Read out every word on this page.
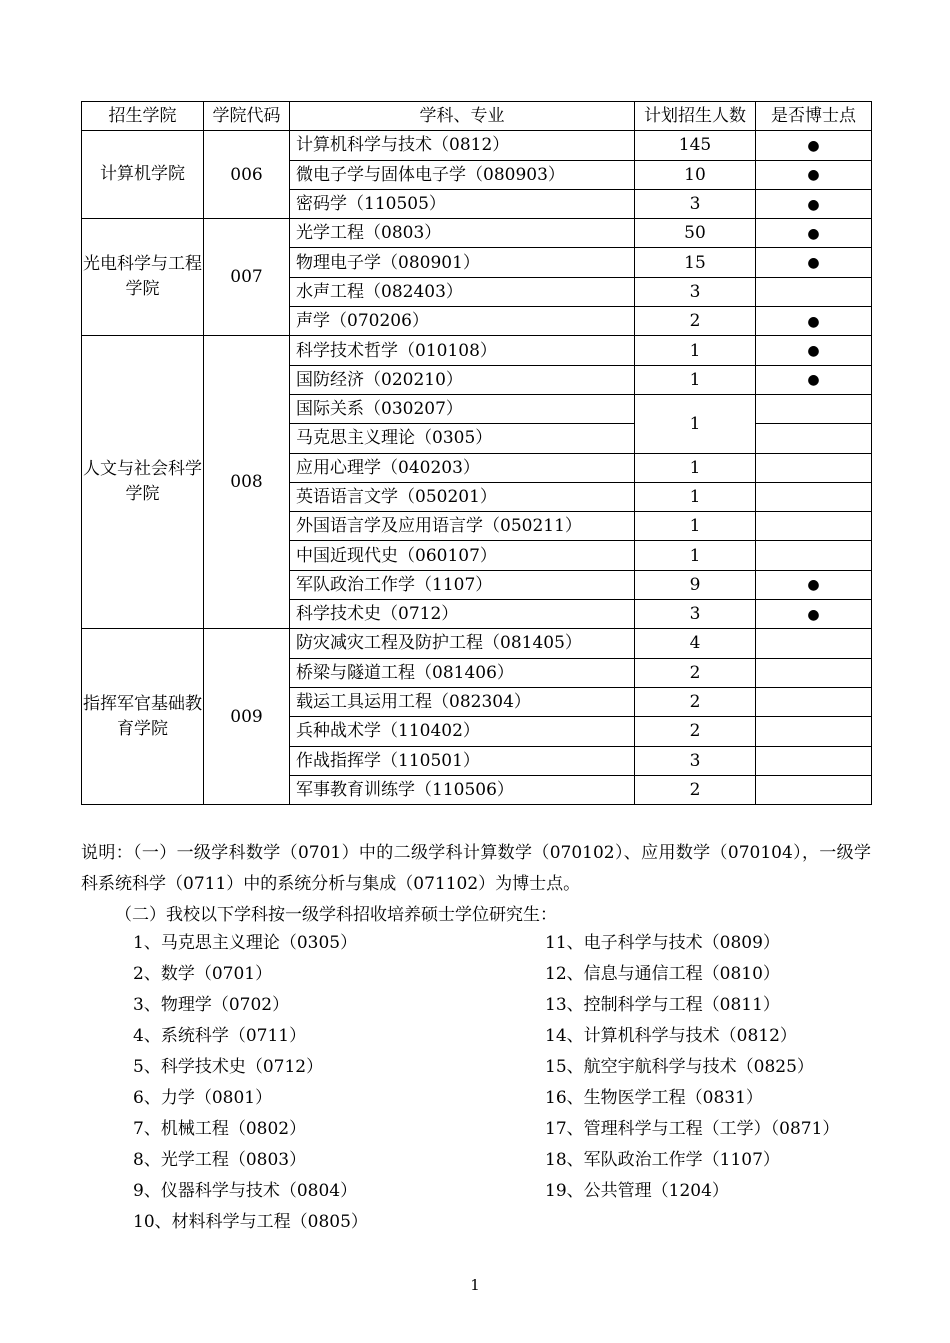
招生学院	学院代码	学科、专业	计划招生人数	是否博士点
计算机学院	006	计算机科学与技术（0812）	145	●
		微电子学与固体电子学（080903）	10	●
		密码学（110505）	3	●
光电科学与工程学院	007	光学工程（0803）	50	●
		物理电子学（080901）	15	●
		水声工程（082403）	3	
		声学（070206）	2	●
人文与社会科学学院	008	科学技术哲学（010108）	1	●
		国防经济（020210）	1	●
		国际关系（030207）	1	
		马克思主义理论（0305）		
		应用心理学（040203）	1	
		英语语言文学（050201）	1	
		外国语言学及应用语言学（050211）	1	
		中国近现代史（060107）	1	
		军队政治工作学（1107）	9	●
		科学技术史（0712）	3	●
指挥军官基础教育学院	009	防灾减灾工程及防护工程（081405）	4	
		桥梁与隧道工程（081406）	2	
		载运工具运用工程（082304）	2	
		兵种战术学（110402）	2	
		作战指挥学（110501）	3	
		军事教育训练学（110506）	2	

说明：（一）一级学科数学（0701）中的二级学科计算数学（070102）、应用数学（070104），一级学科系统科学（0711）中的系统分析与集成（071102）为博士点。

（二）我校以下学科按一级学科招收培养硕士学位研究生：

1、马克思主义理论（0305）
2、数学（0701）
3、物理学（0702）
4、系统科学（0711）
5、科学技术史（0712）
6、力学（0801）
7、机械工程（0802）
8、光学工程（0803）
9、仪器科学与技术（0804）
10、材料科学与工程（0805）
11、电子科学与技术（0809）
12、信息与通信工程（0810）
13、控制科学与工程（0811）
14、计算机科学与技术（0812）
15、航空宇航科学与技术（0825）
16、生物医学工程（0831）
17、管理科学与工程（工学）（0871）
18、军队政治工作学（1107）
19、公共管理（1204）
1
